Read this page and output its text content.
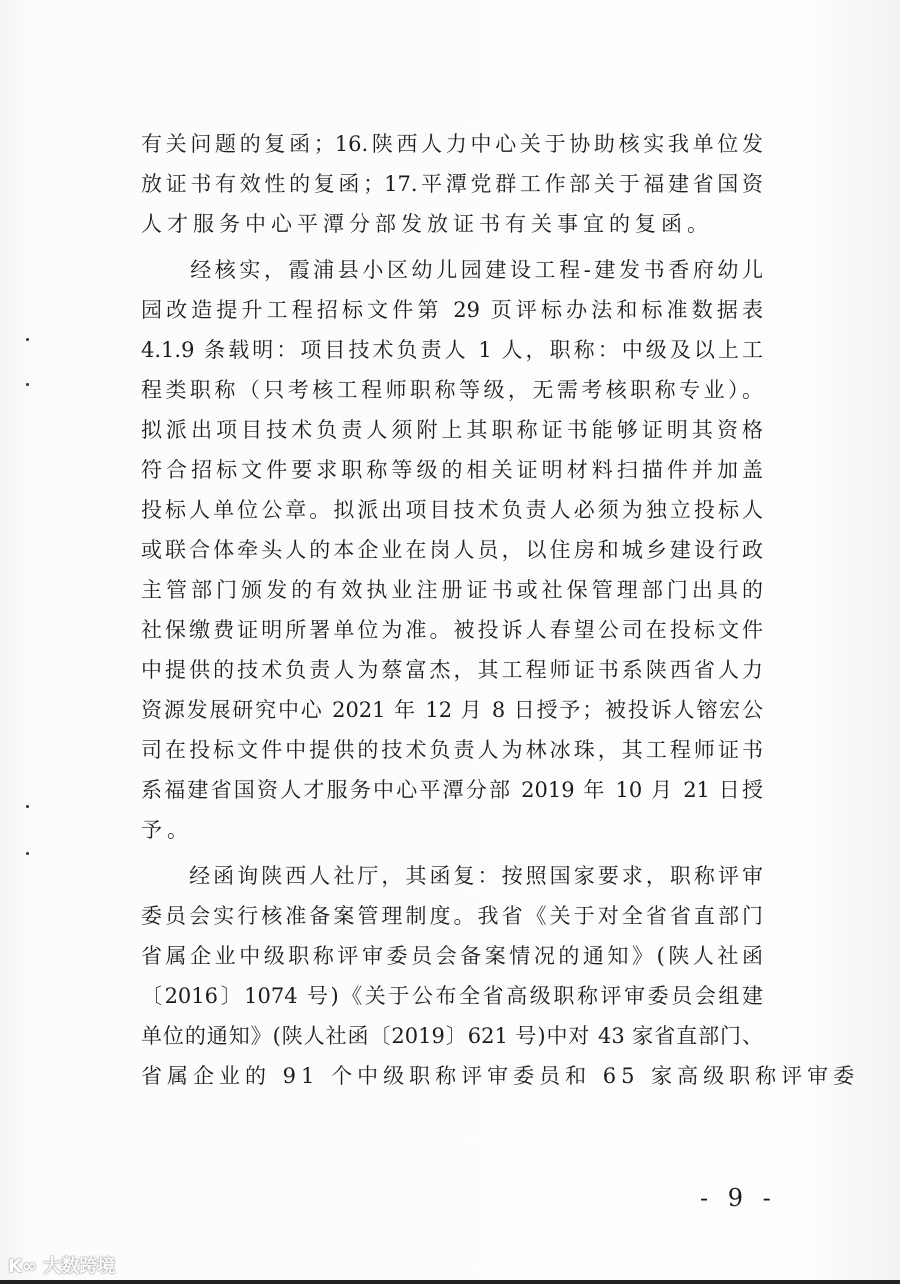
有关问题的复函；16.陕西人力中心关于协助核实我单位发
放证书有效性的复函；17.平潭党群工作部关于福建省国资
人才服务中心平潭分部发放证书有关事宜的复函。
　　经核实，霞浦县小区幼儿园建设工程-建发书香府幼儿
园改造提升工程招标文件第 29 页评标办法和标准数据表
4.1.9 条载明：项目技术负责人 1 人，职称：中级及以上工
程类职称（只考核工程师职称等级，无需考核职称专业）。
拟派出项目技术负责人须附上其职称证书能够证明其资格
符合招标文件要求职称等级的相关证明材料扫描件并加盖
投标人单位公章。拟派出项目技术负责人必须为独立投标人
或联合体牵头人的本企业在岗人员，以住房和城乡建设行政
主管部门颁发的有效执业注册证书或社保管理部门出具的
社保缴费证明所署单位为准。被投诉人春望公司在投标文件
中提供的技术负责人为蔡富杰，其工程师证书系陕西省人力
资源发展研究中心 2021 年 12 月 8 日授予；被投诉人镕宏公
司在投标文件中提供的技术负责人为林冰珠，其工程师证书
系福建省国资人才服务中心平潭分部 2019 年 10 月 21 日授
予。
　　经函询陕西人社厅，其函复：按照国家要求，职称评审
委员会实行核准备案管理制度。我省《关于对全省省直部门
省属企业中级职称评审委员会备案情况的通知》(陕人社函
〔2016〕1074 号)《关于公布全省高级职称评审委员会组建
单位的通知》(陕人社函〔2019〕621 号)中对 43 家省直部门、
省属企业的 91 个中级职称评审委员和 65 家高级职称评审委
- 9 -
K∞ 大数跨境
